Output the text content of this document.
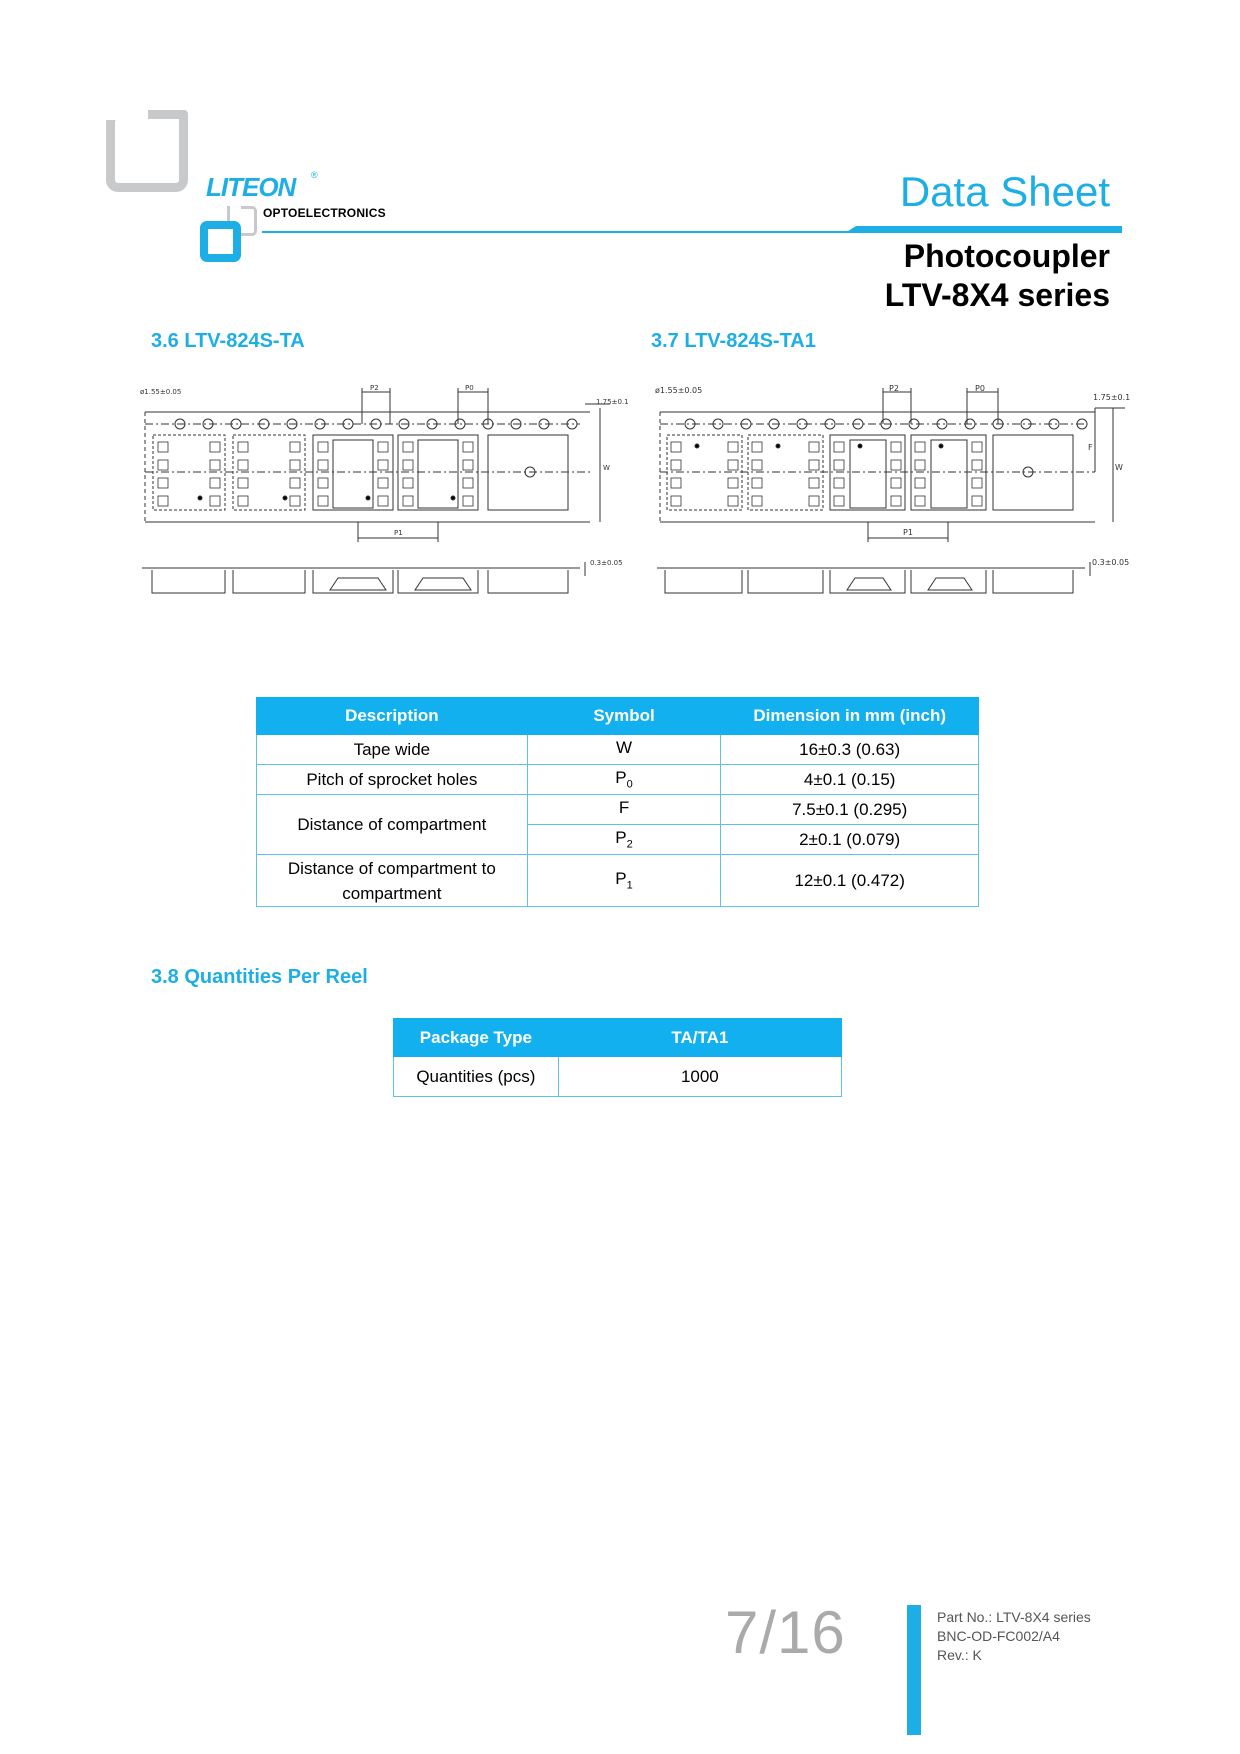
LITEON ®
OPTOELECTRONICS	Data Sheet
Photocoupler
LTV-8X4 series
3.6 LTV-824S-TA	3.7 LTV-824S-TA1
ø1.55±0.05	P2	P0
1.75±0.1
W
P1
0.3±0.05
ø1.55±0.05	P2	P0
1.75±0.1
F
W
P1
0.3±0.05
Description	Symbol	Dimension in mm (inch)
Tape wide	W	16±0.3 (0.63)
Pitch of sprocket holes	$P_0$	4±0.1 (0.15)
Distance of compartment	F	7.5±0.1 (0.295)
	$P_2$	2±0.1 (0.079)
Distance of compartment to compartment	$P_1$	12±0.1 (0.472)
3.8 Quantities Per Reel
Package Type	TA/TA1
Quantities (pcs)	1000
7/16	Part No.: LTV-8X4 series
BNC-OD-FC002/A4
Rev.: K
